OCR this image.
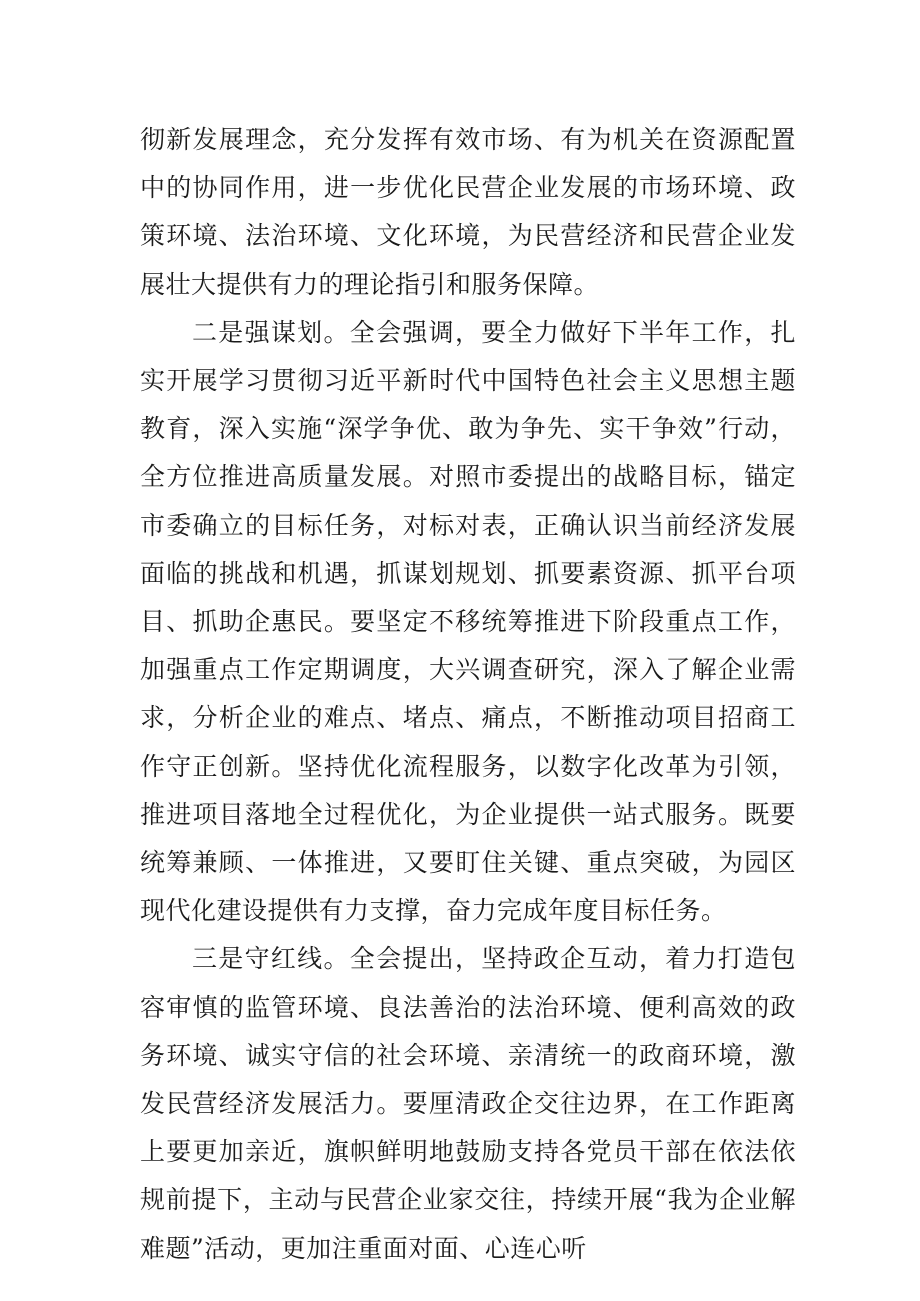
彻新发展理念，充分发挥有效市场、有为机关在资源配置中的协同作用，进一步优化民营企业发展的市场环境、政策环境、法治环境、文化环境，为民营经济和民营企业发展壮大提供有力的理论指引和服务保障。

二是强谋划。全会强调，要全力做好下半年工作，扎实开展学习贯彻习近平新时代中国特色社会主义思想主题教育，深入实施“深学争优、敢为争先、实干争效”行动，全方位推进高质量发展。对照市委提出的战略目标，锚定市委确立的目标任务，对标对表，正确认识当前经济发展面临的挑战和机遇，抓谋划规划、抓要素资源、抓平台项目、抓助企惠民。要坚定不移统筹推进下阶段重点工作，加强重点工作定期调度，大兴调查研究，深入了解企业需求，分析企业的难点、堵点、痛点，不断推动项目招商工作守正创新。坚持优化流程服务，以数字化改革为引领，推进项目落地全过程优化，为企业提供一站式服务。既要统筹兼顾、一体推进，又要盯住关键、重点突破，为园区现代化建设提供有力支撑，奋力完成年度目标任务。

三是守红线。全会提出，坚持政企互动，着力打造包容审慎的监管环境、良法善治的法治环境、便利高效的政务环境、诚实守信的社会环境、亲清统一的政商环境，激发民营经济发展活力。要厘清政企交往边界，在工作距离上要更加亲近，旗帜鲜明地鼓励支持各党员干部在依法依规前提下，主动与民营企业家交往，持续开展“我为企业解难题”活动，更加注重面对面、心连心听
